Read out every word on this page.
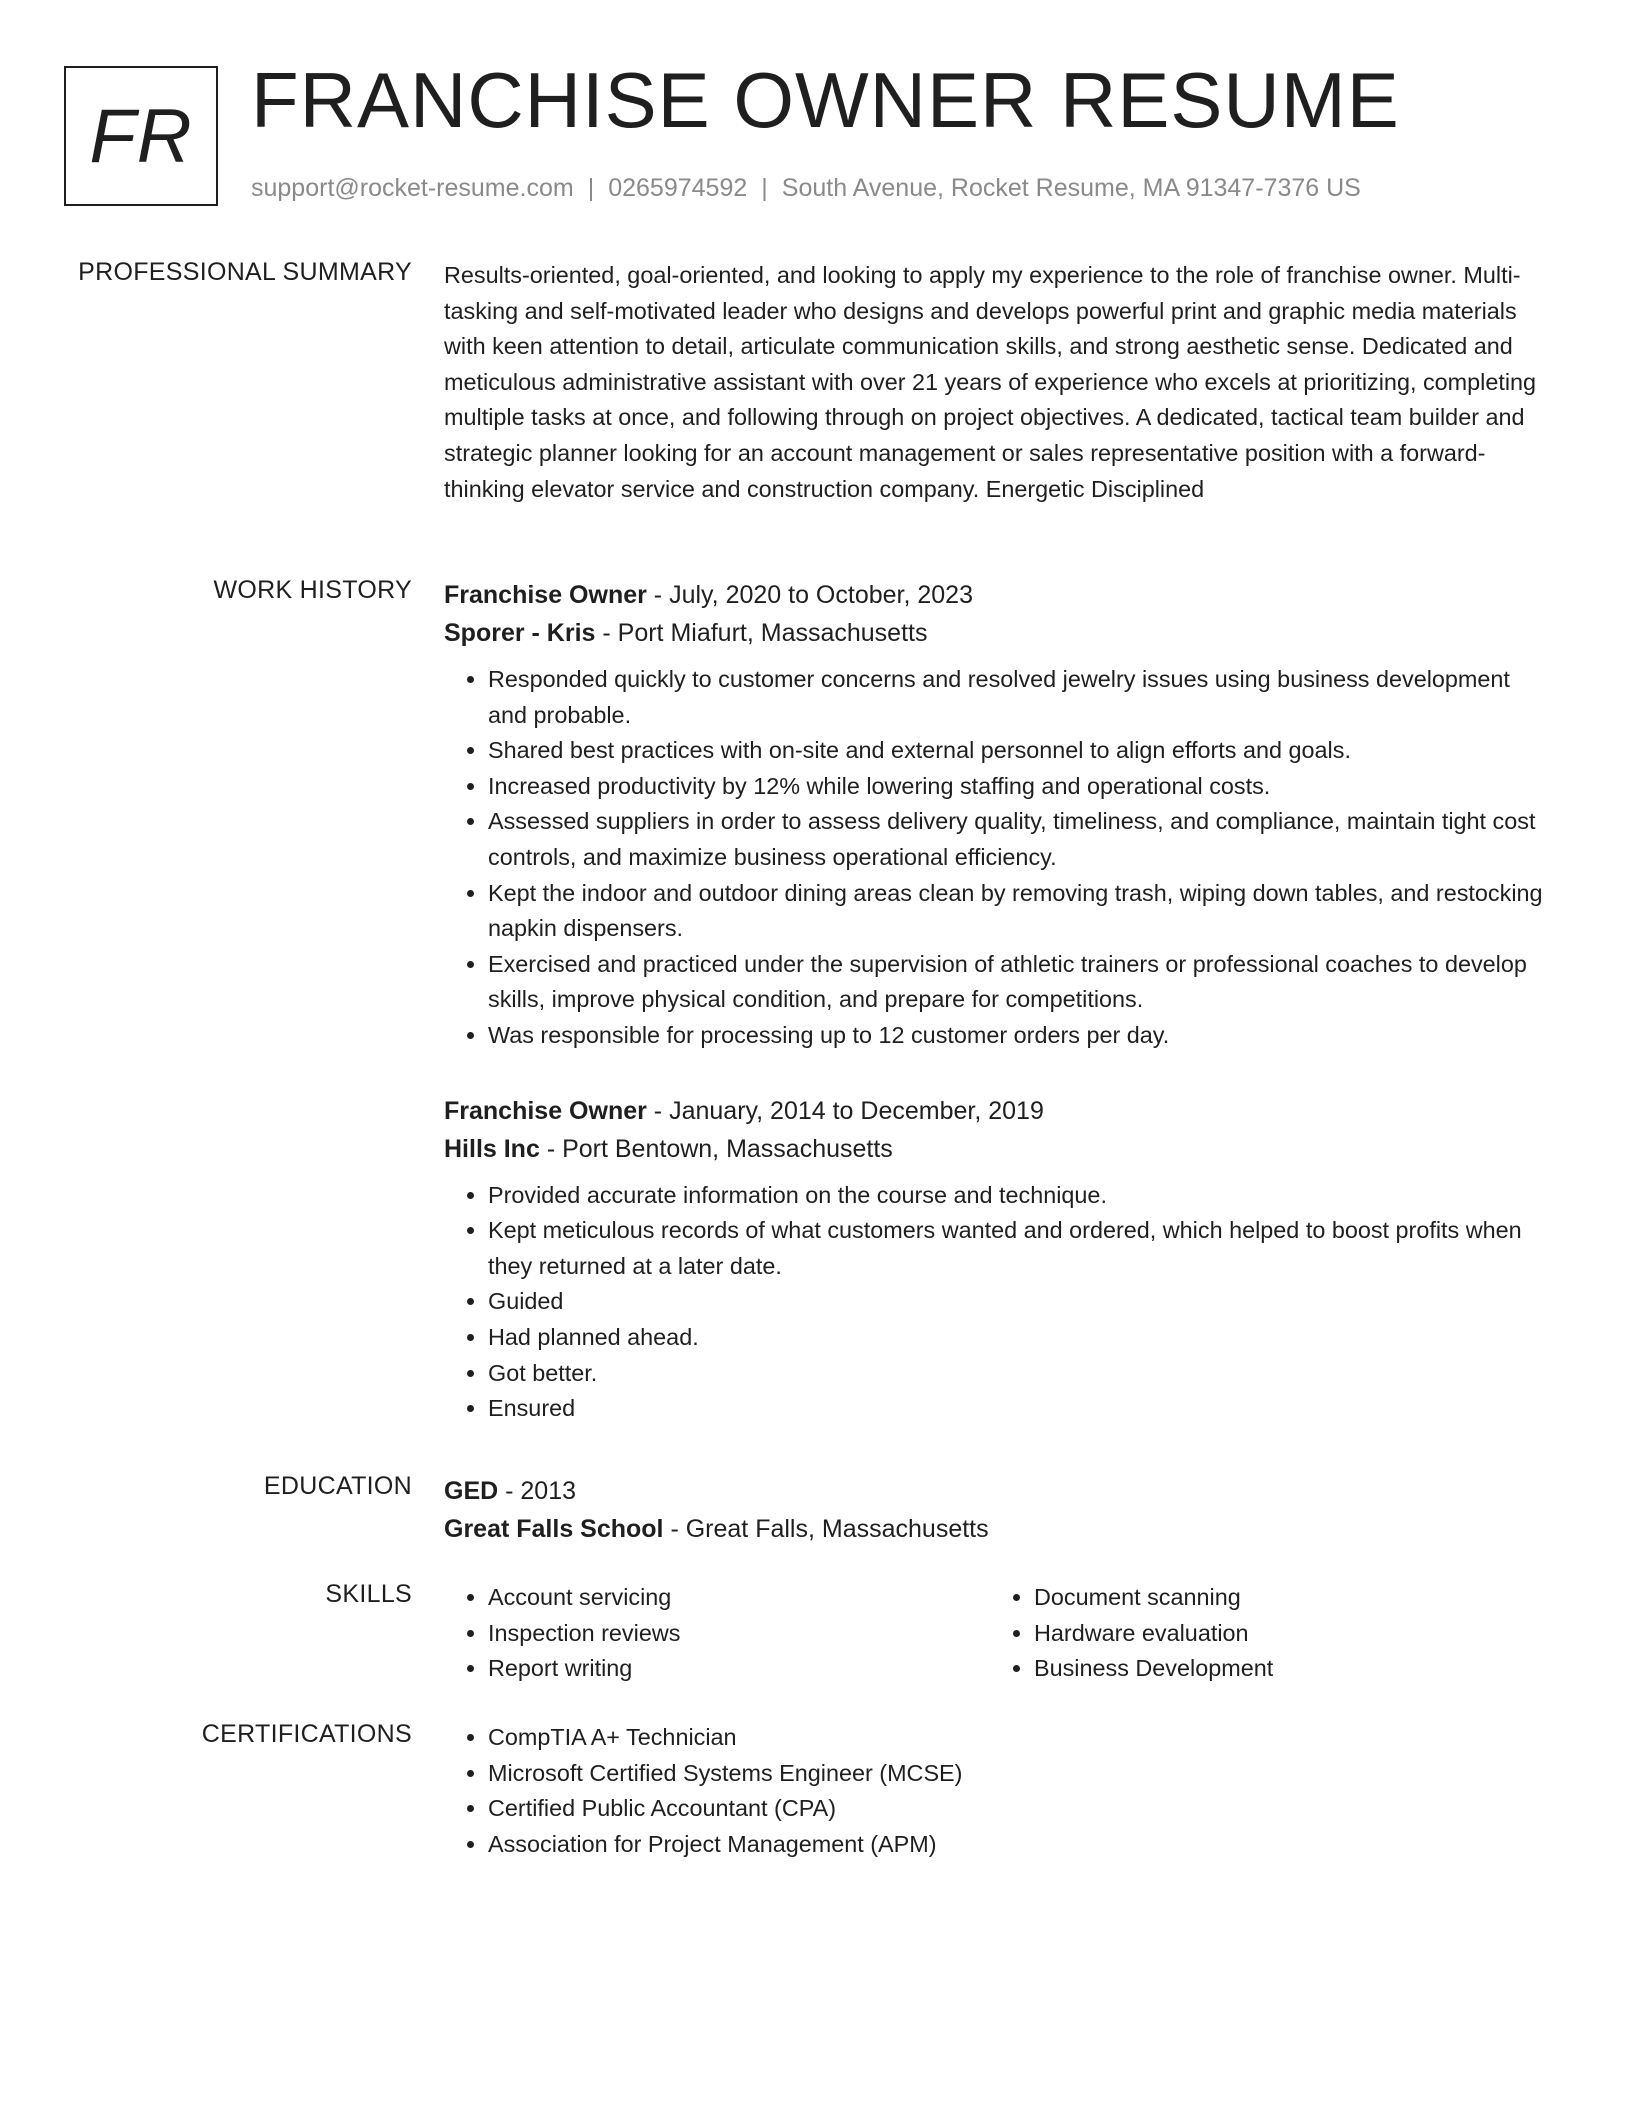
FR FRANCHISE OWNER RESUME
support@rocket-resume.com | 0265974592 | South Avenue, Rocket Resume, MA 91347-7376 US
PROFESSIONAL SUMMARY Results-oriented, goal-oriented, and looking to apply my experience to the role of franchise owner. Multi-tasking and self-motivated leader who designs and develops powerful print and graphic media materials with keen attention to detail, articulate communication skills, and strong aesthetic sense. Dedicated and meticulous administrative assistant with over 21 years of experience who excels at prioritizing, completing multiple tasks at once, and following through on project objectives. A dedicated, tactical team builder and strategic planner looking for an account management or sales representative position with a forward-thinking elevator service and construction company. Energetic Disciplined

WORK HISTORY Franchise Owner - July, 2020 to October, 2023
Sporer - Kris - Port Miafurt, Massachusetts
• Responded quickly to customer concerns and resolved jewelry issues using business development and probable.
• Shared best practices with on-site and external personnel to align efforts and goals.
• Increased productivity by 12% while lowering staffing and operational costs.
• Assessed suppliers in order to assess delivery quality, timeliness, and compliance, maintain tight cost controls, and maximize business operational efficiency.
• Kept the indoor and outdoor dining areas clean by removing trash, wiping down tables, and restocking napkin dispensers.
• Exercised and practiced under the supervision of athletic trainers or professional coaches to develop skills, improve physical condition, and prepare for competitions.
• Was responsible for processing up to 12 customer orders per day.
Franchise Owner - January, 2014 to December, 2019
Hills Inc - Port Bentown, Massachusetts
• Provided accurate information on the course and technique.
• Kept meticulous records of what customers wanted and ordered, which helped to boost profits when they returned at a later date.
• Guided
• Had planned ahead.
• Got better.
• Ensured
EDUCATION GED - 2013
Great Falls School - Great Falls, Massachusetts
SKILLS	• Account servicing
• Inspection reviews
• Report writing
• Document scanning
• Hardware evaluation
• Business Development
CERTIFICATIONS	• CompTIA A+ Technician
• Microsoft Certified Systems Engineer (MCSE)
• Certified Public Accountant (CPA)
• Association for Project Management (APM)
